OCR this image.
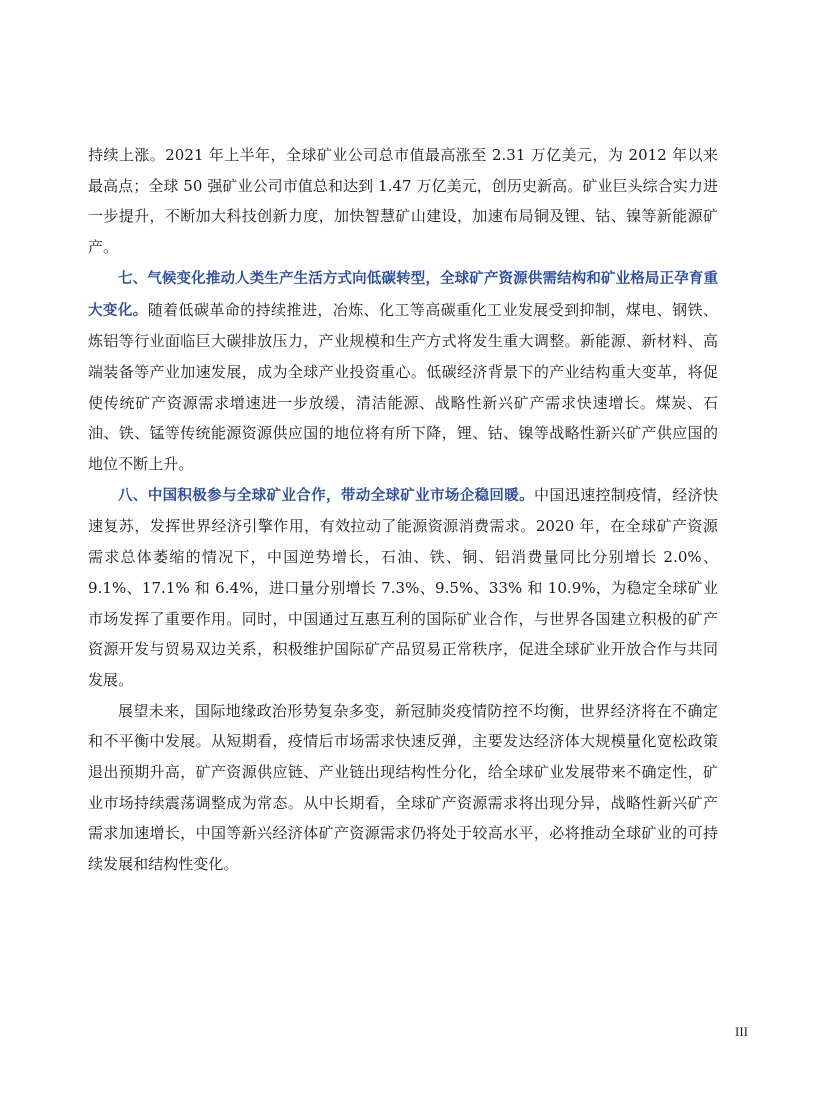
持续上涨。2021 年上半年，全球矿业公司总市值最高涨至 2.31 万亿美元，为 2012 年以来最高点；全球 50 强矿业公司市值总和达到 1.47 万亿美元，创历史新高。矿业巨头综合实力进一步提升，不断加大科技创新力度，加快智慧矿山建设，加速布局铜及锂、钴、镍等新能源矿产。

七、气候变化推动人类生产生活方式向低碳转型，全球矿产资源供需结构和矿业格局正孕育重大变化。随着低碳革命的持续推进，冶炼、化工等高碳重化工业发展受到抑制，煤电、钢铁、炼铝等行业面临巨大碳排放压力，产业规模和生产方式将发生重大调整。新能源、新材料、高端装备等产业加速发展，成为全球产业投资重心。低碳经济背景下的产业结构重大变革，将促使传统矿产资源需求增速进一步放缓，清洁能源、战略性新兴矿产需求快速增长。煤炭、石油、铁、锰等传统能源资源供应国的地位将有所下降，锂、钴、镍等战略性新兴矿产供应国的地位不断上升。

八、中国积极参与全球矿业合作，带动全球矿业市场企稳回暖。中国迅速控制疫情，经济快速复苏，发挥世界经济引擎作用，有效拉动了能源资源消费需求。2020 年，在全球矿产资源需求总体萎缩的情况下，中国逆势增长，石油、铁、铜、铝消费量同比分别增长 2.0%、9.1%、17.1% 和 6.4%，进口量分别增长 7.3%、9.5%、33% 和 10.9%，为稳定全球矿业市场发挥了重要作用。同时，中国通过互惠互利的国际矿业合作，与世界各国建立积极的矿产资源开发与贸易双边关系，积极维护国际矿产品贸易正常秩序，促进全球矿业开放合作与共同发展。

展望未来，国际地缘政治形势复杂多变，新冠肺炎疫情防控不均衡，世界经济将在不确定和不平衡中发展。从短期看，疫情后市场需求快速反弹，主要发达经济体大规模量化宽松政策退出预期升高，矿产资源供应链、产业链出现结构性分化，给全球矿业发展带来不确定性，矿业市场持续震荡调整成为常态。从中长期看，全球矿产资源需求将出现分异，战略性新兴矿产需求加速增长，中国等新兴经济体矿产资源需求仍将处于较高水平，必将推动全球矿业的可持续发展和结构性变化。

III
